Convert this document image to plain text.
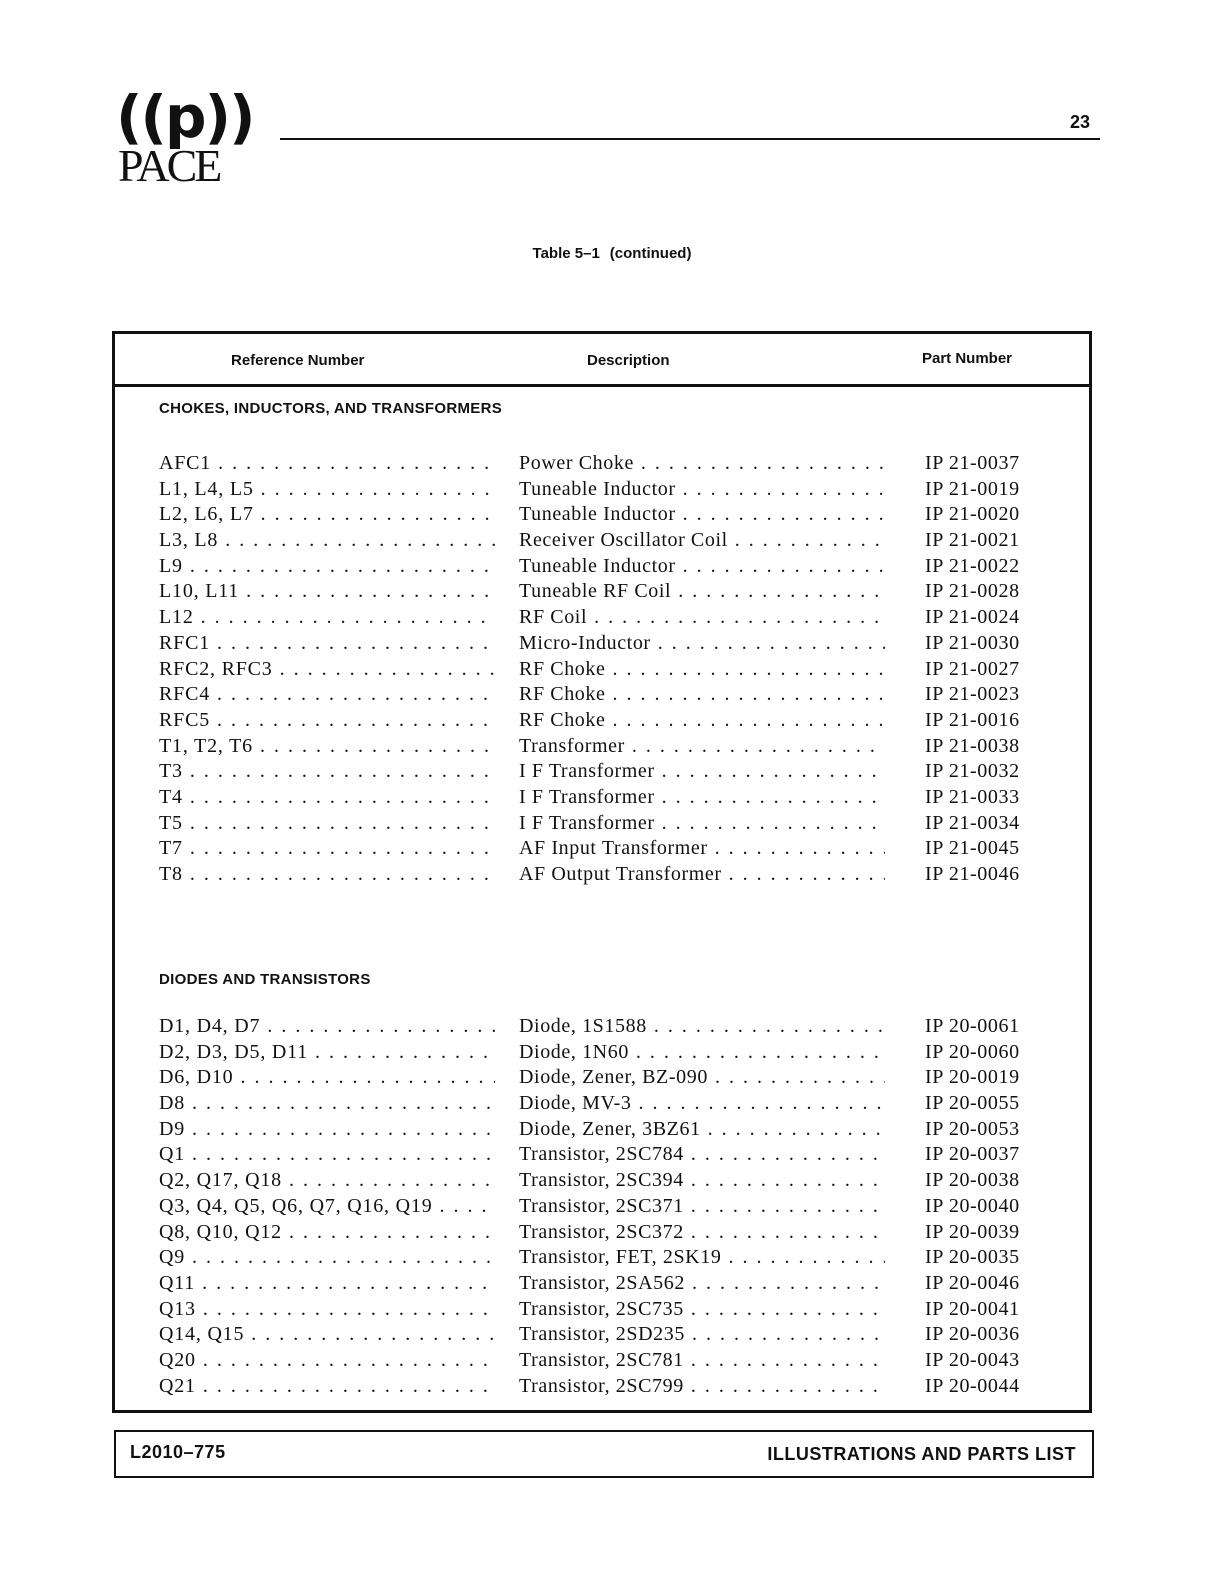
((p))
PACE
23
Table 5–1 (continued)
Reference Number	Description	Part Number
CHOKES, INDUCTORS, AND TRANSFORMERS
AFC1 . . .	Power Choke . . .	IP 21-0037
L1, L4, L5 . . .	Tuneable Inductor . . .	IP 21-0019
L2, L6, L7 . . .	Tuneable Inductor . . .	IP 21-0020
L3, L8 . . .	Receiver Oscillator Coil . . .	IP 21-0021
L9 . . .	Tuneable Inductor . . .	IP 21-0022
L10, L11 . . .	Tuneable RF Coil . . .	IP 21-0028
L12 . . .	RF Coil . . .	IP 21-0024
RFC1 . . .	Micro-Inductor . . .	IP 21-0030
RFC2, RFC3 . . .	RF Choke . . .	IP 21-0027
RFC4 . . .	RF Choke . . .	IP 21-0023
RFC5 . . .	RF Choke . . .	IP 21-0016
T1, T2, T6 . . .	Transformer . . .	IP 21-0038
T3 . . .	I F Transformer . . .	IP 21-0032
T4 . . .	I F Transformer . . .	IP 21-0033
T5 . . .	I F Transformer . . .	IP 21-0034
T7 . . .	AF Input Transformer . . .	IP 21-0045
T8 . . .	AF Output Transformer . . .	IP 21-0046
DIODES AND TRANSISTORS
D1, D4, D7 . . .	Diode, 1S1588 . . .	IP 20-0061
D2, D3, D5, D11 . . .	Diode, 1N60 . . .	IP 20-0060
D6, D10 . . .	Diode, Zener, BZ-090 . . .	IP 20-0019
D8 . . .	Diode, MV-3 . . .	IP 20-0055
D9 . . .	Diode, Zener, 3BZ61 . . .	IP 20-0053
Q1 . . .	Transistor, 2SC784 . . .	IP 20-0037
Q2, Q17, Q18 . . .	Transistor, 2SC394 . . .	IP 20-0038
Q3, Q4, Q5, Q6, Q7, Q16, Q19 . . .	Transistor, 2SC371 . . .	IP 20-0040
Q8, Q10, Q12 . . .	Transistor, 2SC372 . . .	IP 20-0039
Q9 . . .	Transistor, FET, 2SK19 . . .	IP 20-0035
Q11 . . .	Transistor, 2SA562 . . .	IP 20-0046
Q13 . . .	Transistor, 2SC735 . . .	IP 20-0041
Q14, Q15 . . .	Transistor, 2SD235 . . .	IP 20-0036
Q20 . . .	Transistor, 2SC781 . . .	IP 20-0043
Q21 . . .	Transistor, 2SC799 . . .	IP 20-0044
L2010–775	ILLUSTRATIONS AND PARTS LIST
